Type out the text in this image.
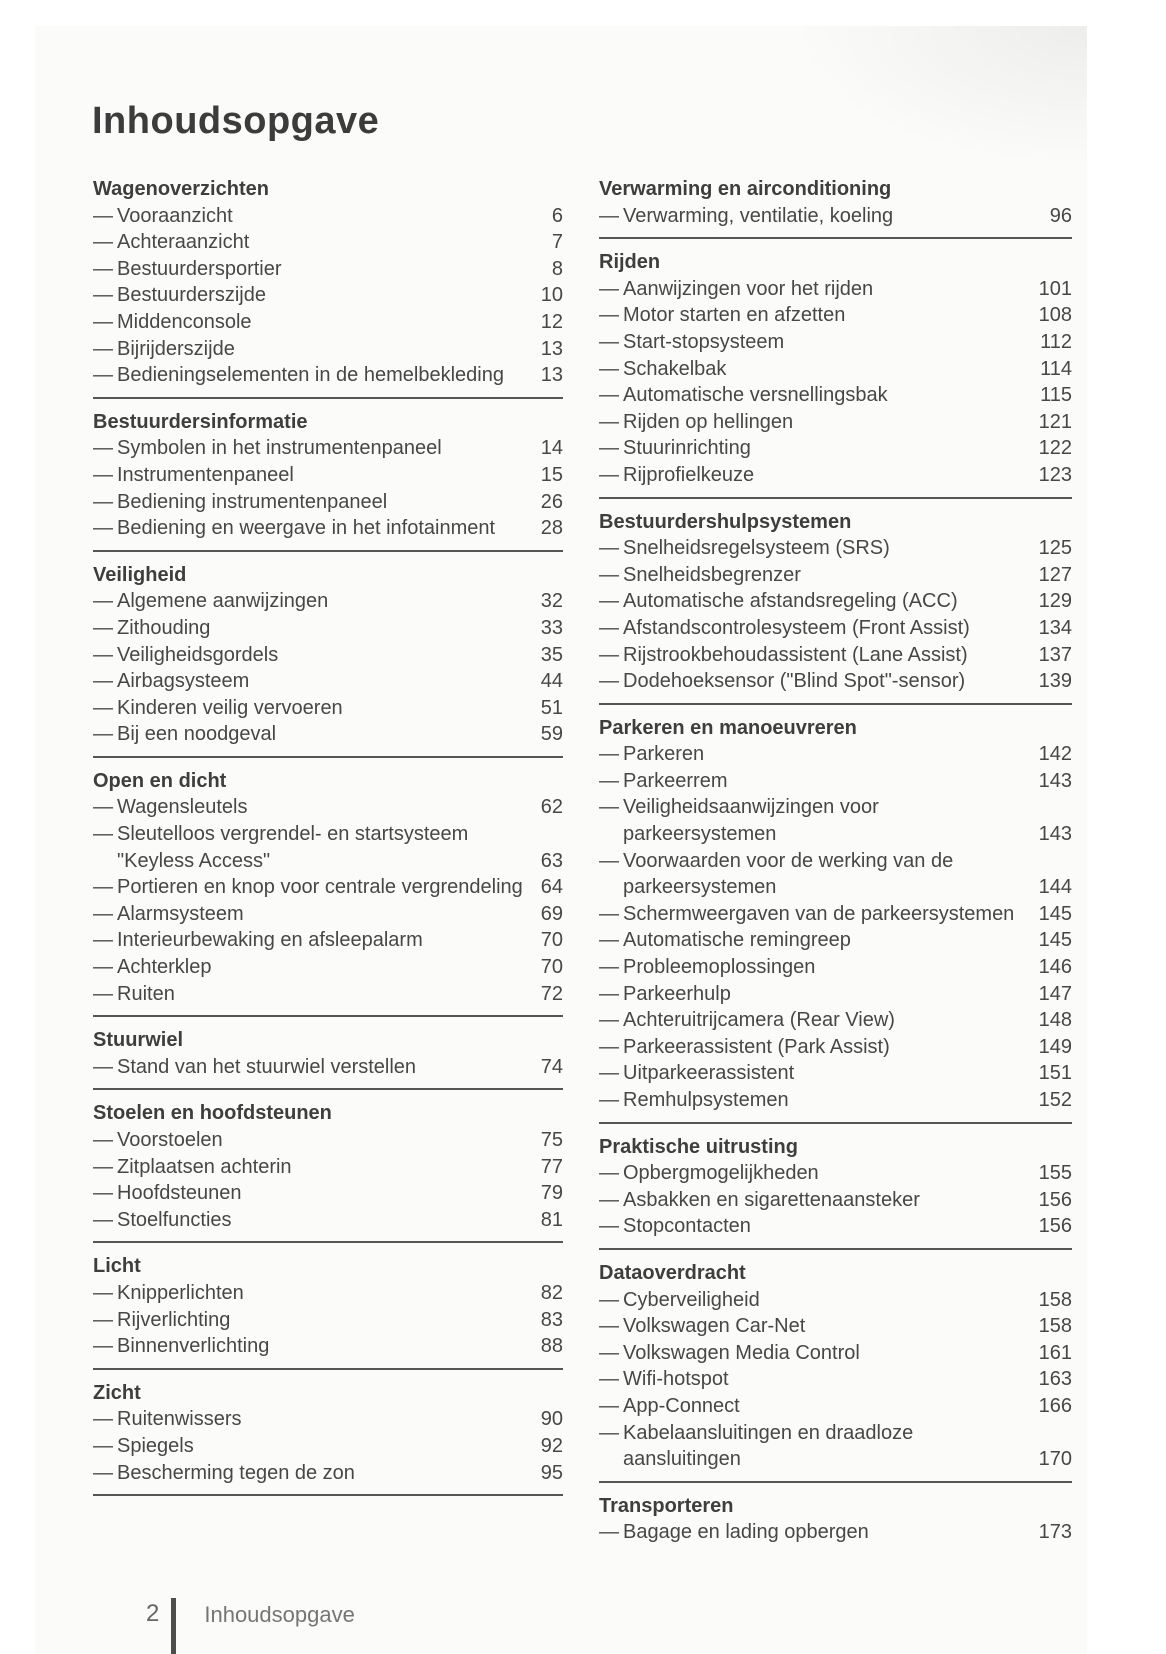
Inhoudsopgave
Wagenoverzichten
— Vooraanzicht	6
— Achteraanzicht	7
— Bestuurdersportier	8
— Bestuurderszijde	10
— Middenconsole	12
— Bijrijderszijde	13
— Bedieningselementen in de hemelbekleding	13
Bestuurdersinformatie
— Symbolen in het instrumentenpaneel	14
— Instrumentenpaneel	15
— Bediening instrumentenpaneel	26
— Bediening en weergave in het infotainment	28
Veiligheid
— Algemene aanwijzingen	32
— Zithouding	33
— Veiligheidsgordels	35
— Airbagsysteem	44
— Kinderen veilig vervoeren	51
— Bij een noodgeval	59
Open en dicht
— Wagensleutels	62
— Sleutelloos vergrendel- en startsysteem "Keyless Access"	63
— Portieren en knop voor centrale vergrendeling 64
— Alarmsysteem	69
— Interieurbewaking en afsleepalarm	70
— Achterklep	70
— Ruiten	72
Stuurwiel
— Stand van het stuurwiel verstellen	74
Stoelen en hoofdsteunen
— Voorstoelen	75
— Zitplaatsen achterin	77
— Hoofdsteunen	79
— Stoelfuncties	81
Licht
— Knipperlichten	82
— Rijverlichting	83
— Binnenverlichting	88
Zicht
— Ruitenwissers	90
— Spiegels	92
— Bescherming tegen de zon	95
Verwarming en airconditioning
— Verwarming, ventilatie, koeling	96
Rijden
— Aanwijzingen voor het rijden	101
— Motor starten en afzetten	108
— Start-stopsysteem	112
— Schakelbak	114
— Automatische versnellingsbak	115
— Rijden op hellingen	121
— Stuurinrichting	122
— Rijprofielkeuze	123
Bestuurdershulpsystemen
— Snelheidsregelsysteem (SRS)	125
— Snelheidsbegrenzer	127
— Automatische afstandsregeling (ACC)	129
— Afstandscontrolesysteem (Front Assist)	134
— Rijstrookbehoudassistent (Lane Assist)	137
— Dodehoeksensor ("Blind Spot"-sensor)	139
Parkeren en manoeuvreren
— Parkeren	142
— Parkeerrem	143
— Veiligheidsaanwijzingen voor parkeersystemen	143
— Voorwaarden voor de werking van de parkeersystemen	144
— Schermweergaven van de parkeersystemen	145
— Automatische remingreep	145
— Probleemoplossingen	146
— Parkeerhulp	147
— Achteruitrijcamera (Rear View)	148
— Parkeerassistent (Park Assist)	149
— Uitparkeerassistent	151
— Remhulpsystemen	152
Praktische uitrusting
— Opbergmogelijkheden	155
— Asbakken en sigarettenaansteker	156
— Stopcontacten	156
Dataoverdracht
— Cyberveiligheid	158
— Volkswagen Car-Net	158
— Volkswagen Media Control	161
— Wifi-hotspot	163
— App-Connect	166
— Kabelaansluitingen en draadloze aansluitingen	170
Transporteren
— Bagage en lading opbergen	173
2 Inhoudsopgave
